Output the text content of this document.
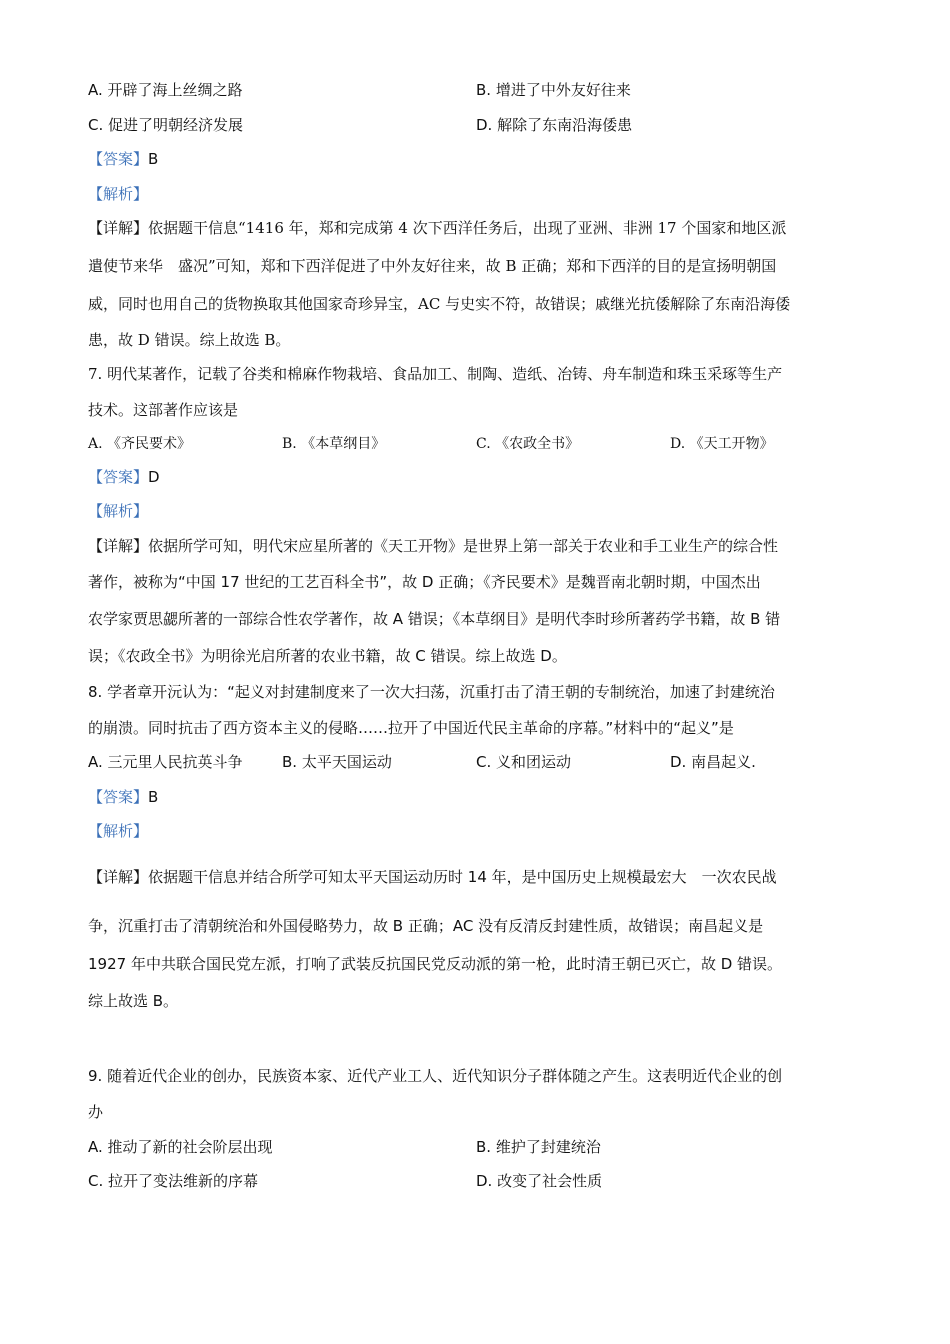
A. 开辟了海上丝绸之路	B. 增进了中外友好往来
C. 促进了明朝经济发展	D. 解除了东南沿海倭患
【答案】B
【解析】
【详解】依据题干信息“1416 年，郑和完成第 4 次下西洋任务后，出现了亚洲、非洲 17 个国家和地区派
遣使节来华　盛况”可知，郑和下西洋促进了中外友好往来，故 B 正确；郑和下西洋的目的是宣扬明朝国
威，同时也用自己的货物换取其他国家奇珍异宝，AC 与史实不符，故错误；戚继光抗倭解除了东南沿海倭
患，故 D 错误。综上故选 B。
7. 明代某著作，记载了谷类和棉麻作物栽培、食品加工、制陶、造纸、冶铸、舟车制造和珠玉采琢等生产
技术。这部著作应该是
A. 《齐民要术》	B. 《本草纲目》	C. 《农政全书》	D. 《天工开物》
【答案】D
【解析】
【详解】依据所学可知，明代宋应星所著的《天工开物》是世界上第一部关于农业和手工业生产的综合性
著作，被称为“中国 17 世纪的工艺百科全书”，故 D 正确；《齐民要术》是魏晋南北朝时期，中国杰出
农学家贾思勰所著的一部综合性农学著作，故 A 错误；《本草纲目》是明代李时珍所著药学书籍，故 B 错
误；《农政全书》为明徐光启所著的农业书籍，故 C 错误。综上故选 D。
8. 学者章开沅认为：“起义对封建制度来了一次大扫荡，沉重打击了清王朝的专制统治，加速了封建统治
的崩溃。同时抗击了西方资本主义的侵略……拉开了中国近代民主革命的序幕。”材料中的“起义”是
A. 三元里人民抗英斗争	B. 太平天国运动	C. 义和团运动	D. 南昌起义.
【答案】B
【解析】
【详解】依据题干信息并结合所学可知太平天国运动历时 14 年，是中国历史上规模最宏大　一次农民战
争，沉重打击了清朝统治和外国侵略势力，故 B 正确；AC 没有反清反封建性质，故错误；南昌起义是
1927 年中共联合国民党左派，打响了武装反抗国民党反动派的第一枪，此时清王朝已灭亡，故 D 错误。
综上故选 B。
9. 随着近代企业的创办，民族资本家、近代产业工人、近代知识分子群体随之产生。这表明近代企业的创
办
A. 推动了新的社会阶层出现	B. 维护了封建统治
C. 拉开了变法维新的序幕	D. 改变了社会性质
